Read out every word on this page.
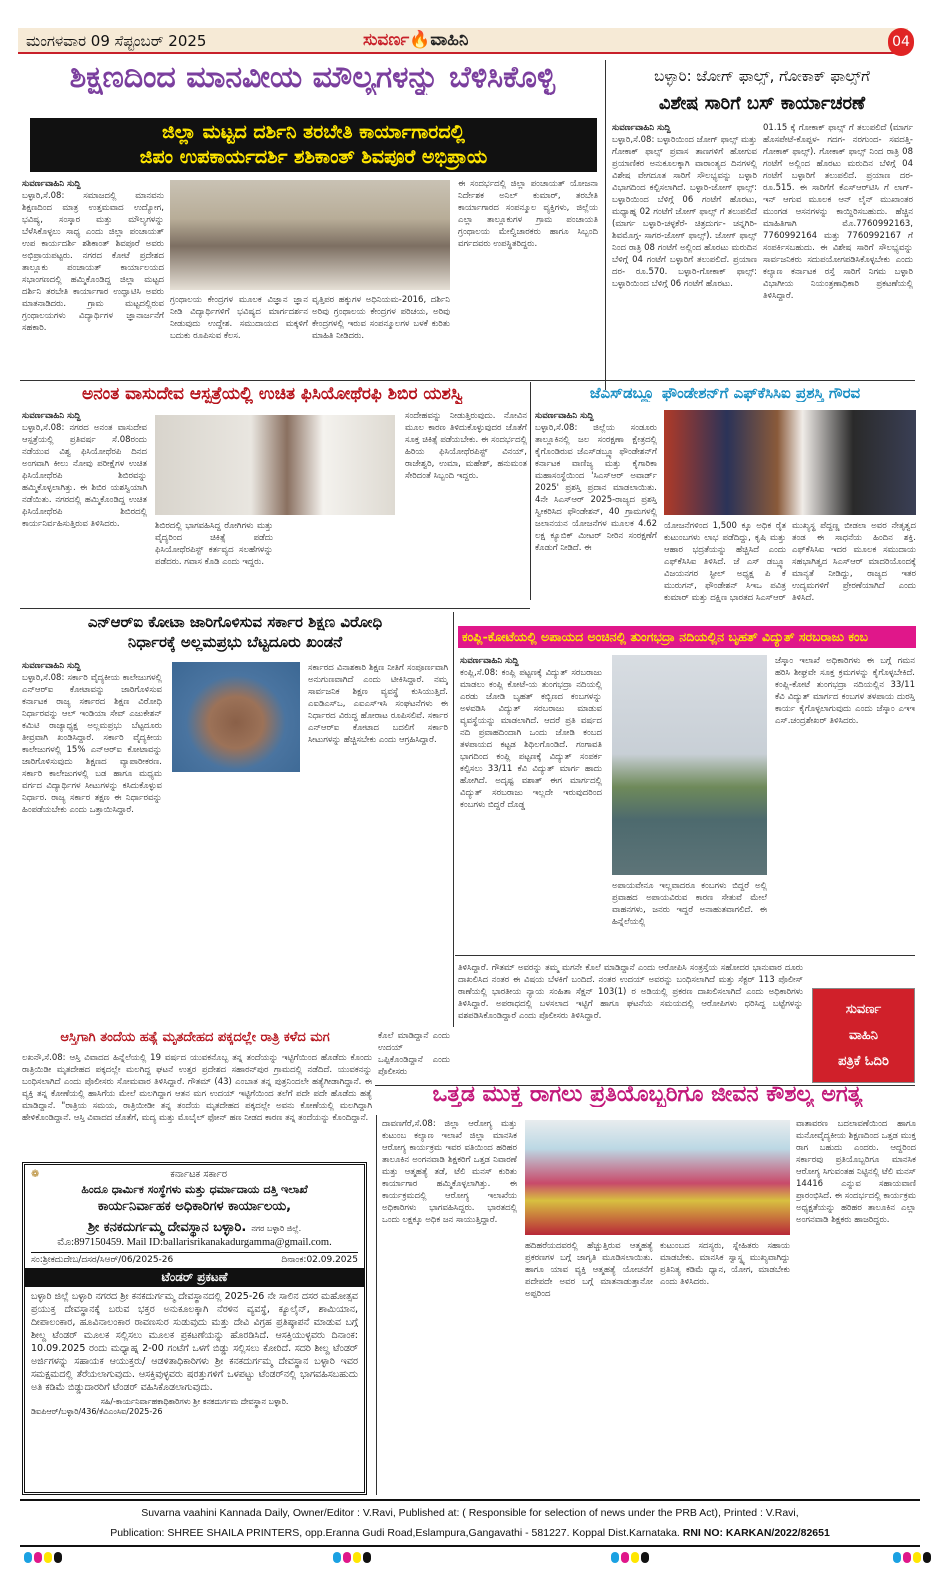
ಮಂಗಳವಾರ 09 ಸೆಪ್ಟಂಬರ್ 2025	ಸುವರ್ಣ🔥ವಾಹಿನಿ	04
ಶಿಕ್ಷಣದಿಂದ ಮಾನವೀಯ ಮೌಲ್ಯಗಳನ್ನು ಬೆಳಿಸಿಕೊಳ್ಳಿ
ಜಿಲ್ಲಾ ಮಟ್ಟದ ದರ್ಶಿನಿ ತರಬೇತಿ ಕಾರ್ಯಾಗಾರದಲ್ಲಿ
ಜಿಪಂ ಉಪಕಾರ್ಯದರ್ಶಿ ಶಶಿಕಾಂತ್ ಶಿವಪೂರೆ ಅಭಿಪ್ರಾಯ
ಸುವರ್ಣವಾಹಿನಿ ಸುದ್ದಿ
ಬಳ್ಳಾರಿ,ಸೆ.08: ಸಮಾಜದಲ್ಲಿ ಮಾನವನು ಶಿಕ್ಷಣದಿಂದ ಮಾತ್ರ ಉತ್ತಮವಾದ ಉದ್ಯೋಗ, ಭವಿಷ್ಯ, ಸಂಸ್ಕಾರ ಮತ್ತು ಮೌಲ್ಯಗಳನ್ನು ಬೆಳೆಸಿಕೊಳ್ಳಲು ಸಾಧ್ಯ ಎಂದು ಜಿಲ್ಲಾ ಪಂಚಾಯತ್ ಉಪ ಕಾರ್ಯದರ್ಶಿ ಶಶಿಕಾಂತ್ ಶಿವಪೂರೆ ಅವರು ಅಭಿಪ್ರಾಯಪಟ್ಟರು. ನಗರದ ಕೋಟೆ ಪ್ರದೇಶದ ತಾಲ್ಲೂಕು ಪಂಚಾಯತ್ ಕಾರ್ಯಾಲಯದ ಸಭಾಂಗಣದಲ್ಲಿ ಹಮ್ಮಿಕೊಂಡಿದ್ದ ಜಿಲ್ಲಾ ಮಟ್ಟದ ದರ್ಶಿನಿ ತರಬೇತಿ ಕಾರ್ಯಾಗಾರ ಉದ್ಘಾಟಿಸಿ ಅವರು ಮಾತನಾಡಿದರು. ಗ್ರಾಮ ಮಟ್ಟದಲ್ಲಿರುವ ಗ್ರಂಥಾಲಯಗಳು ವಿದ್ಯಾರ್ಥಿಗಳ ಜ್ಞಾನಾರ್ಜನೆಗೆ ಸಹಕಾರಿ.
ಗ್ರಂಥಾಲಯ ಕೇಂದ್ರಗಳ ಮೂಲಕ ವಿಜ್ಞಾನ ಜ್ಞಾನ ನೀಡಿ ವಿದ್ಯಾರ್ಥಿಗಳಿಗೆ ಭವಿಷ್ಯದ ಮಾರ್ಗದರ್ಶನ ನೀಡುವುದು ಉದ್ದೇಶ. ಸಮುದಾಯದ ಮಕ್ಕಳಿಗೆ ಬದುಕು ರೂಪಿಸುವ ಕೆಲಸ.
ವೃತ್ತಿಪರ ಹಕ್ಕುಗಳ ಅಧಿನಿಯಮ-2016, ದರ್ಶಿನಿ ಅರಿವು ಗ್ರಂಥಾಲಯ ಕೇಂದ್ರಗಳ ಪರಿಚಯ, ಅರಿವು ಕೇಂದ್ರಗಳಲ್ಲಿ ಇರುವ ಸಂಪನ್ಮೂಲಗಳ ಬಳಕೆ ಕುರಿತು ಮಾಹಿತಿ ನೀಡಿದರು.
ಈ ಸಂದರ್ಭದಲ್ಲಿ ಜಿಲ್ಲಾ ಪಂಚಾಯತ್ ಯೋಜನಾ ನಿರ್ದೇಶಕ ಅನಿಲ್ ಕುಮಾರ್, ತರಬೇತಿ ಕಾರ್ಯಾಗಾರದ ಸಂಪನ್ಮೂಲ ವ್ಯಕ್ತಿಗಳು, ಜಿಲ್ಲೆಯ ಎಲ್ಲಾ ತಾಲ್ಲೂಕುಗಳ ಗ್ರಾಮ ಪಂಚಾಯತಿ ಗ್ರಂಥಾಲಯ ಮೇಲ್ವಿಚಾರಕರು ಹಾಗೂ ಸಿಬ್ಬಂದಿ ವರ್ಗದವರು ಉಪಸ್ಥಿತರಿದ್ದರು.
ಬಳ್ಳಾರಿ: ಜೋಗ್ ಫಾಲ್ಸ್, ಗೋಕಾಕ್ ಫಾಲ್ಸ್‌ಗೆ
ವಿಶೇಷ ಸಾರಿಗೆ ಬಸ್ ಕಾರ್ಯಾಚರಣೆ
ಸುವರ್ಣವಾಹಿನಿ ಸುದ್ದಿ
ಬಳ್ಳಾರಿ,ಸೆ.08: ಬಳ್ಳಾರಿಯಿಂದ ಜೋಗ್ ಫಾಲ್ಸ್ ಮತ್ತು ಗೋಕಾಕ್ ಫಾಲ್ಸ್ ಪ್ರವಾಸ ತಾಣಗಳಿಗೆ ಹೋಗುವ ಪ್ರಯಾಣಿಕರ ಅನುಕೂಲಕ್ಕಾಗಿ ವಾರಾಂತ್ಯದ ದಿನಗಳಲ್ಲಿ ವಿಶೇಷ ವೇಗದೂತ ಸಾರಿಗೆ ಸೌಲಭ್ಯವನ್ನು ಬಳ್ಳಾರಿ ವಿಭಾಗದಿಂದ ಕಲ್ಪಿಸಲಾಗಿದೆ. ಬಳ್ಳಾರಿ-ಜೋಗ್ ಫಾಲ್ಸ್: ಬಳ್ಳಾರಿಯಿಂದ ಬೆಳಿಗ್ಗೆ 06 ಗಂಟೆಗೆ ಹೊರಟು, ಮಧ್ಯಾಹ್ನ 02 ಗಂಟೆಗೆ ಜೋಗ್ ಫಾಲ್ಸ್ ಗೆ ತಲುಪಲಿದೆ (ಮಾರ್ಗ ಬಳ್ಳಾರಿ-ಚಳ್ಳಕೆರೆ- ಚಿತ್ರದುರ್ಗ- ಚನ್ನಗಿರಿ- ಶಿವಮೊಗ್ಗ- ಸಾಗರ-ಜೋಗ್ ಫಾಲ್ಸ್). ಜೋಗ್ ಫಾಲ್ಸ್ ನಿಂದ ರಾತ್ರಿ 08 ಗಂಟೆಗೆ ಅಲ್ಲಿಂದ ಹೊರಟು ಮರುದಿನ ಬೆಳಿಗ್ಗೆ 04 ಗಂಟೆಗೆ ಬಳ್ಳಾರಿಗೆ ತಲುಪಲಿದೆ. ಪ್ರಯಾಣ ದರ- ರೂ.570. ಬಳ್ಳಾರಿ-ಗೋಕಾಕ್ ಫಾಲ್ಸ್: ಬಳ್ಳಾರಿಯಿಂದ ಬೆಳಿಗ್ಗೆ 06 ಗಂಟೆಗೆ ಹೊರಟು.
01.15 ಕ್ಕೆ ಗೋಕಾಕ್ ಫಾಲ್ಸ್ ಗೆ ತಲುಪಲಿದೆ (ಮಾರ್ಗ ಹೊಸಪೇಟೆ-ಕೊಪ್ಪಳ- ಗದಗ- ನರಗುಂದ- ಸವದತ್ತಿ- ಗೋಕಾಕ್ ಫಾಲ್ಸ್). ಗೋಕಾಕ್ ಫಾಲ್ಸ್ ನಿಂದ ರಾತ್ರಿ 08 ಗಂಟೆಗೆ ಅಲ್ಲಿಂದ ಹೊರಟು ಮರುದಿನ ಬೆಳಿಗ್ಗೆ 04 ಗಂಟೆಗೆ ಬಳ್ಳಾರಿಗೆ ತಲುಪಲಿದೆ. ಪ್ರಯಾಣ ದರ- ರೂ.515. ಈ ಸಾರಿಗೆಗೆ ಕೆಎಸ್‌ಆರ್‌ಟಿಸಿ ಗೆ ಲಾಗ್-ಇನ್ ಆಗುವ ಮೂಲಕ ಆನ್ ಲೈನ್ ಮುಖಾಂತರ ಮುಂಗಡ ಆಸನಗಳನ್ನು ಕಾಯ್ದಿರಿಸಬಹುದು. ಹೆಚ್ಚಿನ ಮಾಹಿತಿಗಾಗಿ ಮೊ.7760992163, 7760992164 ಮತ್ತು 7760992167 ಗೆ ಸಂಪರ್ಕಿಸಬಹುದು. ಈ ವಿಶೇಷ ಸಾರಿಗೆ ಸೌಲಭ್ಯವನ್ನು ಸಾರ್ವಜನಿಕರು ಸದುಪಯೋಗಪಡಿಸಿಕೊಳ್ಳಬೇಕು ಎಂದು ಕಲ್ಯಾಣ ಕರ್ನಾಟಕ ರಸ್ತೆ ಸಾರಿಗೆ ನಿಗಮ ಬಳ್ಳಾರಿ ವಿಭಾಗೀಯ ನಿಯಂತ್ರಣಾಧಿಕಾರಿ ಪ್ರಕಟಣೆಯಲ್ಲಿ ತಿಳಿಸಿದ್ದಾರೆ.
ಅನಂತ ವಾಸುದೇವ ಆಸ್ಪತ್ರೆಯಲ್ಲಿ ಉಚಿತ ಫಿಸಿಯೋಥೆರಫಿ ಶಿಬಿರ ಯಶಸ್ವಿ
ಸುವರ್ಣವಾಹಿನಿ ಸುದ್ದಿ
ಬಳ್ಳಾರಿ,ಸೆ.08: ನಗರದ ಅನಂತ ವಾಸುದೇವ ಆಸ್ಪತ್ರೆಯಲ್ಲಿ ಪ್ರತಿವರ್ಷ ಸೆ.08ರಂದು ನಡೆಯುವ ವಿಶ್ವ ಫಿಸಿಯೋಥೆರಪಿ ದಿನದ ಅಂಗವಾಗಿ ಕೀಲು ನೋವು ಪರೀಕ್ಷೆಗಳ ಉಚಿತ ಫಿಸಿಯೋಥೆರಪಿ ಶಿಬಿರವನ್ನು ಹಮ್ಮಿಕೊಳ್ಳಲಾಗಿತ್ತು. ಈ ಶಿಬಿರ ಯಶಸ್ವಿಯಾಗಿ ನಡೆಯಿತು. ನಗರದಲ್ಲಿ ಹಮ್ಮಿಕೊಂಡಿದ್ದ ಉಚಿತ ಫಿಸಿಯೋಥೆರಪಿ ಶಿಬಿರದಲ್ಲಿ ಕಾರ್ಯನಿರ್ವಹಿಸುತ್ತಿರುವ ತಿಳಿಸಿದರು.	ಶಿಬಿರದಲ್ಲಿ ಭಾಗವಹಿಸಿದ್ದ ರೋಗಿಗಳು ಮತ್ತು ವೈದ್ಯರಿಂದ ಚಿಕಿತ್ಸೆ ಪಡೆದು ಫಿಸಿಯೋಥೆರಪಿಸ್ಟ್ ಕರ್ತವ್ಯದ ಸಲಹೆಗಳನ್ನು ಪಡೆದರು. ಗವಾಸ ಕೊಡಿ ಎಂದು ಇದ್ದರು.
ಸಂದೇಹವನ್ನು ನೀಡುತ್ತಿರುವುದು. ನೋವಿನ ಮೂಲ ಕಾರಣ ತಿಳಿದುಕೊಳ್ಳುವುದರ ಜೊತೆಗೆ ಸೂಕ್ತ ಚಿಕಿತ್ಸೆ ಪಡೆಯಬೇಕು. ಈ ಸಂದರ್ಭದಲ್ಲಿ ಹಿರಿಯ ಫಿಸಿಯೋಥೆರಪಿಸ್ಟ್ ವಿನಯ್, ರಾಜೇಶ್ವರಿ, ಉಮಾ, ಮಹೇಶ್, ಹನುಮಂತ ಸೇರಿದಂತೆ ಸಿಬ್ಬಂದಿ ಇದ್ದರು.
ಜೆಎಸ್‌ಡಬ್ಲ್ಯೂ ಫೌಂಡೇಶನ್‌ಗೆ ಎಫ್‌ಕೆಸಿಸಿಐ ಪ್ರಶಸ್ತಿ ಗೌರವ
ಸುವರ್ಣವಾಹಿನಿ ಸುದ್ದಿ
ಬಳ್ಳಾರಿ,ಸೆ.08: ಜಿಲ್ಲೆಯ ಸಂಡೂರು ತಾಲ್ಲೂಕಿನಲ್ಲಿ ಜಲ ಸಂರಕ್ಷಣಾ ಕ್ಷೇತ್ರದಲ್ಲಿ ಕೈಗೊಂಡಿರುವ ಜೆಎಸ್‌ಡಬ್ಲ್ಯೂ ಫೌಂಡೇಶನ್‌ಗೆ ಕರ್ನಾಟಕ ವಾಣಿಜ್ಯ ಮತ್ತು ಕೈಗಾರಿಕಾ ಮಹಾಸಂಸ್ಥೆಯಿಂದ 'ಸಿಎಸ್‌ಆರ್ ಅವಾರ್ಡ್ 2025' ಪ್ರಶಸ್ತಿ ಪ್ರದಾನ ಮಾಡಲಾಯಿತು. 4ನೇ ಸಿಎಸ್‌ಆರ್ 2025-ರಾಜ್ಯದ ಪ್ರಶಸ್ತಿ ಸ್ವೀಕರಿಸಿದ ಫೌಂಡೇಶನ್, 40 ಗ್ರಾಮಗಳಲ್ಲಿ ಜಲಾನಯನ ಯೋಜನೆಗಳ ಮೂಲಕ 4.62 ಲಕ್ಷ ಕ್ಯೂಬಿಕ್ ಮೀಟರ್ ನೀರಿನ ಸಂರಕ್ಷಣೆಗೆ ಕೊಡುಗೆ ನೀಡಿದೆ. ಈ
ಯೋಜನೆಗಳಿಂದ 1,500 ಕ್ಕೂ ಅಧಿಕ ರೈತ ಕುಟುಂಬಗಳು ಲಾಭ ಪಡೆದಿದ್ದು, ಕೃಷಿ ಮತ್ತು ಆಹಾರ ಭದ್ರತೆಯನ್ನು ಹೆಚ್ಚಿಸಿದೆ ಎಂದು ಎಫ್‌ಕೆಸಿಸಿಐ ತಿಳಿಸಿದೆ. ಜೆ ಎಸ್ ಡಬ್ಲ್ಯೂ ವಿಜಯನಗರ ಸ್ಟೀಲ್ ಅಧ್ಯಕ್ಷ ಪಿ ಕೆ ಮುರುಗನ್, ಫೌಂಡೇಶನ್ ಸಿಇಒ ಪವಿತ್ರ ಕುಮಾರ್ ಮತ್ತು ದಕ್ಷಿಣ ಭಾರತದ ಸಿಎಸ್‌ಆರ್
ಮುಖ್ಯಸ್ಥ ಪೆದ್ದಣ್ಣ ಬೀಡಲಾ ಅವರ ನೇತೃತ್ವದ ತಂಡ ಈ ಸಾಧನೆಯ ಹಿಂದಿನ ಶಕ್ತಿ. ಎಫ್‌ಕೆಸಿಸಿಐ ಇದರ ಮೂಲಕ ಸಮುದಾಯ ಸಹಭಾಗಿತ್ವದ ಸಿಎಸ್‌ಆರ್ ಮಾದರಿಯೊಂದಕ್ಕೆ ಮಾನ್ಯತೆ ನೀಡಿದ್ದು, ರಾಜ್ಯದ ಇತರ ಉದ್ಯಮಗಳಿಗೆ ಪ್ರೇರಣೆಯಾಗಿದೆ ಎಂದು ತಿಳಿಸಿದೆ.
ಎನ್‌ಆರ್‌ಐ ಕೋಟಾ ಜಾರಿಗೊಳಿಸುವ ಸರ್ಕಾರ ಶಿಕ್ಷಣ ವಿರೋಧಿ
ನಿರ್ಧಾರಕ್ಕೆ ಅಲ್ಲಮಪ್ರಭು ಬೆಟ್ಟದೂರು ಖಂಡನೆ
ಸುವರ್ಣವಾಹಿನಿ ಸುದ್ದಿ
ಬಳ್ಳಾರಿ,ಸೆ.08: ಸರ್ಕಾರಿ ವೈದ್ಯಕೀಯ ಕಾಲೇಜುಗಳಲ್ಲಿ ಎನ್‌ಆರ್‌ಐ ಕೋಟಾವನ್ನು ಜಾರಿಗೊಳಿಸುವ ಕರ್ನಾಟಕ ರಾಜ್ಯ ಸರ್ಕಾರದ ಶಿಕ್ಷಣ ವಿರೋಧಿ ನಿರ್ಧಾರವನ್ನು ಆಲ್ ಇಂಡಿಯಾ ಸೇವ್ ಎಜುಕೇಶನ್ ಕಮಿಟಿ ರಾಜ್ಯಾಧ್ಯಕ್ಷ ಅಲ್ಲಮಪ್ರಭು ಬೆಟ್ಟದೂರು ತೀವ್ರವಾಗಿ ಖಂಡಿಸಿದ್ದಾರೆ. ಸರ್ಕಾರಿ ವೈದ್ಯಕೀಯ ಕಾಲೇಜುಗಳಲ್ಲಿ 15% ಎನ್‌ಆರ್‌ಐ ಕೋಟಾವನ್ನು ಜಾರಿಗೊಳಿಸುವುದು ಶಿಕ್ಷಣದ ವ್ಯಾಪಾರೀಕರಣ. ಸರ್ಕಾರಿ ಕಾಲೇಜುಗಳಲ್ಲಿ ಬಡ ಹಾಗೂ ಮಧ್ಯಮ ವರ್ಗದ ವಿದ್ಯಾರ್ಥಿಗಳ ಸೀಟುಗಳನ್ನು ಕಸಿದುಕೊಳ್ಳುವ ನಿರ್ಧಾರ. ರಾಜ್ಯ ಸರ್ಕಾರ ತಕ್ಷಣ ಈ ನಿರ್ಧಾರವನ್ನು ಹಿಂಪಡೆಯಬೇಕು ಎಂದು ಒತ್ತಾಯಿಸಿದ್ದಾರೆ.
ಸರ್ಕಾರದ ವಿನಾಶಕಾರಿ ಶಿಕ್ಷಣ ನೀತಿಗೆ ಸಂಪೂರ್ಣವಾಗಿ ಅನುಗುಣವಾಗಿದೆ ಎಂದು ಟೀಕಿಸಿದ್ದಾರೆ. ನಮ್ಮ ಸಾರ್ವಜನಿಕ ಶಿಕ್ಷಣ ವ್ಯವಸ್ಥೆ ಕುಸಿಯುತ್ತಿದೆ. ಎಐಡಿಎಸ್‌ಒ, ಎಐಎಸ್‌ಇಸಿ ಸಂಘಟನೆಗಳು ಈ ನಿರ್ಧಾರದ ವಿರುದ್ಧ ಹೋರಾಟ ರೂಪಿಸಲಿವೆ. ಸರ್ಕಾರ ಎನ್‌ಆರ್‌ಐ ಕೋಟಾದ ಬದಲಿಗೆ ಸರ್ಕಾರಿ ಸೀಟುಗಳನ್ನು ಹೆಚ್ಚಿಸಬೇಕು ಎಂದು ಆಗ್ರಹಿಸಿದ್ದಾರೆ.
ಕಂಪ್ಲಿ-ಕೋಟೆಯಲ್ಲಿ ಅಪಾಯದ ಅಂಚಿನಲ್ಲಿ ತುಂಗಭದ್ರಾ ನದಿಯಲ್ಲಿನ ಬೃಹತ್ ವಿದ್ಯುತ್ ಸರಬರಾಜು ಕಂಬ
ಸುವರ್ಣವಾಹಿನಿ ಸುದ್ದಿ
ಕಂಪ್ಲಿ,ಸೆ.08: ಕಂಪ್ಲಿ ಪಟ್ಟಣಕ್ಕೆ ವಿದ್ಯುತ್ ಸರಬರಾಜು ಮಾಡಲು ಕಂಪ್ಲಿ ಕೋಟೆ-ಯ ತುಂಗಭದ್ರಾ ನದಿಯಲ್ಲಿ ಎರಡು ಜೋಡಿ ಬೃಹತ್ ಕಬ್ಬಿಣದ ಕಂಬಗಳನ್ನು ಅಳವಡಿಸಿ ವಿದ್ಯುತ್ ಸರಬರಾಜು ಮಾಡುವ ವ್ಯವಸ್ಥೆಯನ್ನು ಮಾಡಲಾಗಿದೆ. ಆದರೆ ಪ್ರತಿ ವರ್ಷದ ನದಿ ಪ್ರವಾಹದಿಂದಾಗಿ ಒಂದು ಜೋಡಿ ಕಂಬದ ತಳಪಾಯದ ಕಟ್ಟಡ ಶಿಥಿಲಗೊಂಡಿದೆ. ಗಂಗಾವತಿ ಭಾಗದಿಂದ ಕಂಪ್ಲಿ ಪಟ್ಟಣಕ್ಕೆ ವಿದ್ಯುತ್ ಸಂಪರ್ಕ ಕಲ್ಪಿಸಲು 33/11 ಕೆವಿ ವಿದ್ಯುತ್ ಮಾರ್ಗ ಹಾದು ಹೋಗಿದೆ. ಅದೃಷ್ಟ ವಶಾತ್ ಈಗ ಮಾರ್ಗದಲ್ಲಿ ವಿದ್ಯುತ್ ಸರಬರಾಜು ಇಲ್ಲದೇ ಇರುವುದರಿಂದ ಕಂಬಗಳು ಬಿದ್ದರೆ ದೊಡ್ಡ
ಅಪಾಯವೇನೂ ಇಲ್ಲವಾದರೂ ಕಂಬಗಳು ಬಿದ್ದರೆ ಅಲ್ಲಿ ಪ್ರವಾಹದ ಅಪಾಯವಿರುವ ಕಾರಣ ಸೇತುವೆ ಮೇಲೆ ವಾಹನಗಳು, ಜನರು ಇದ್ದರೆ ಅನಾಹುತವಾಗಲಿದೆ. ಈ ಹಿನ್ನೆಲೆಯಲ್ಲಿ
ಜೆಸ್ಕಾಂ ಇಲಾಖೆ ಅಧಿಕಾರಿಗಳು ಈ ಬಗ್ಗೆ ಗಮನ ಹರಿಸಿ ಶೀಘ್ರವೇ ಸೂಕ್ತ ಕ್ರಮಗಳನ್ನು ಕೈಗೊಳ್ಳಬೇಕಿದೆ. ಕಂಪ್ಲಿ-ಕೋಟೆ ತುಂಗಭದ್ರಾ ನದಿಯಲ್ಲಿನ 33/11 ಕೆವಿ ವಿದ್ಯುತ್ ಮಾರ್ಗದ ಕಂಬಗಳ ತಳಪಾಯ ದುರಸ್ತಿ ಕಾರ್ಯ ಕೈಗೊಳ್ಳಲಾಗುವುದು ಎಂದು ಜೆಸ್ಕಾಂ ಎಇಇ ಎಸ್.ಚಂದ್ರಶೇಖರ್ ತಿಳಿಸಿದರು.
ಆಸ್ತಿಗಾಗಿ ತಂದೆಯ ಹತ್ಯೆ ಮೃತದೇಹದ ಪಕ್ಕದಲ್ಲೇ ರಾತ್ರಿ ಕಳೆದ ಮಗ
ಲಖನೌ,ಸೆ.08: ಆಸ್ತಿ ವಿವಾದದ ಹಿನ್ನೆಲೆಯಲ್ಲಿ 19 ವರ್ಷದ ಯುವಕನೊಬ್ಬ ತನ್ನ ತಂದೆಯನ್ನು ಇಟ್ಟಿಗೆಯಿಂದ ಹೊಡೆದು ಕೊಂದು ರಾತ್ರಿಯಿಡೀ ಮೃತದೇಹದ ಪಕ್ಕದಲ್ಲೇ ಮಲಗಿದ್ದ ಘಟನೆ ಉತ್ತರ ಪ್ರದೇಶದ ಸಹಾರನ್‌ಪುರ ಗ್ರಾಮದಲ್ಲಿ ನಡೆದಿದೆ. ಯುವಕನನ್ನು ಬಂಧಿಸಲಾಗಿದೆ ಎಂದು ಪೊಲೀಸರು ಸೋಮವಾರ ತಿಳಿಸಿದ್ದಾರೆ. ಗೌತಮ್ (43) ಎಂಬಾತ ತನ್ನ ಪುತ್ರನಿಂದಲೇ ಹತ್ಯೆಗೀಡಾಗಿದ್ದಾನೆ. ಈ ವ್ಯಕ್ತಿ ತನ್ನ ಕೋಣೆಯಲ್ಲಿ ಹಾಸಿಗೆಯ ಮೇಲೆ ಮಲಗಿದ್ದಾಗ ಆತನ ಮಗ ಉದಯ್ ಇಟ್ಟಿಗೆಯಿಂದ ತಲೆಗೆ ಪದೇ ಪದೇ ಹೊಡೆದು ಹತ್ಯೆ ಮಾಡಿದ್ದಾನೆ. "ರಾತ್ರಿಯ ಸಮಯ, ರಾತ್ರಿಯೀಡೀ ತನ್ನ ತಂದೆಯ ಮೃತದೇಹದ ಪಕ್ಕದಲ್ಲೇ ಅವನು ಕೋಣೆಯಲ್ಲಿ ಮಲಗಿದ್ದಾಗಿ ಹೇಳಿಕೊಂಡಿದ್ದಾನೆ. ಆಸ್ತಿ ವಿವಾದದ ಜೊತೆಗೆ, ಮದ್ಯ ಮತ್ತು ಮೊಬೈಲ್ ಫೋನ್ ಹಣ ನೀಡದ ಕಾರಣ ತನ್ನ ತಂದೆಯನ್ನು ಕೊಂದಿದ್ದಾನೆ.
ಕೊಲೆ ಮಾಡಿದ್ದಾನೆ ಎಂದು ಉದಯ್ ಒಪ್ಪಿಕೊಂಡಿದ್ದಾನೆ ಎಂದು ಪೊಲೀಸರು
ತಿಳಿಸಿದ್ದಾರೆ. ಗೌತಮ್ ಅವರನ್ನು ತಮ್ಮ ಮಗನೇ ಕೊಲೆ ಮಾಡಿದ್ದಾನೆ ಎಂದು ಆರೋಪಿಸಿ ಸಂತ್ರಸ್ತೆಯ ಸಹೋದರ ಭಾನುವಾರ ದೂರು ದಾಖಲಿಸಿದ ನಂತರ ಈ ವಿಷಯ ಬೆಳಕಿಗೆ ಬಂದಿದೆ. ನಂತರ ಉದಯ್ ಅವರನ್ನು ಬಂಧಿಸಲಾಗಿದೆ ಮತ್ತು ಸೆಕ್ಟರ್ 113 ಪೊಲೀಸ್ ಠಾಣೆಯಲ್ಲಿ ಭಾರತೀಯ ನ್ಯಾಯ ಸಂಹಿತಾ ಸೆಕ್ಷನ್ 103(1) ರ ಅಡಿಯಲ್ಲಿ ಪ್ರಕರಣ ದಾಖಲಿಸಲಾಗಿದೆ ಎಂದು ಅಧಿಕಾರಿಗಳು ತಿಳಿಸಿದ್ದಾರೆ. ಅಪರಾಧದಲ್ಲಿ ಬಳಸಲಾದ ಇಟ್ಟಿಗೆ ಹಾಗೂ ಘಟನೆಯ ಸಮಯದಲ್ಲಿ ಆರೋಪಿಗಳು ಧರಿಸಿದ್ದ ಬಟ್ಟೆಗಳನ್ನು ವಶಪಡಿಸಿಕೊಂಡಿದ್ದಾರೆ ಎಂದು ಪೊಲೀಸರು ತಿಳಿಸಿದ್ದಾರೆ.	ಸುವರ್ಣ
ವಾಹಿನಿ
ಪತ್ರಿಕೆ ಓದಿರಿ
ಒತ್ತಡ ಮುಕ್ತ ರಾಗಲು ಪ್ರತಿಯೊಬ್ಬರಿಗೂ ಜೀವನ ಕೌಶಲ್ಯ ಅಗತ್ಯ
ದಾವಣಗೆರೆ,ಸೆ.08: ಜಿಲ್ಲಾ ಆರೋಗ್ಯ ಮತ್ತು ಕುಟುಂಬ ಕಲ್ಯಾಣ ಇಲಾಖೆ ಜಿಲ್ಲಾ ಮಾನಸಿಕ ಆರೋಗ್ಯ ಕಾರ್ಯಕ್ರಮ ಇವರ ವತಿಯಿಂದ ಹರಿಹರ ತಾಲೂಕಿನ ಅಂಗನವಾಡಿ ಶಿಕ್ಷಕರಿಗೆ ಒತ್ತಡ ನಿವಾರಣೆ ಮತ್ತು ಆತ್ಮಹತ್ಯೆ ತಡೆ, ಟೆಲಿ ಮನಸ್ ಕುರಿತು ಕಾರ್ಯಾಗಾರ ಹಮ್ಮಿಕೊಳ್ಳಲಾಗಿತ್ತು. ಈ ಕಾರ್ಯಕ್ರಮದಲ್ಲಿ ಆರೋಗ್ಯ ಇಲಾಖೆಯ ಅಧಿಕಾರಿಗಳು ಭಾಗವಹಿಸಿದ್ದರು. ಭಾರತದಲ್ಲಿ ಒಂದು ಲಕ್ಷಕ್ಕೂ ಅಧಿಕ ಜನ ಸಾಯುತ್ತಿದ್ದಾರೆ.
ಹದಿಹರೆಯದವರಲ್ಲಿ ಹೆಚ್ಚುತ್ತಿರುವ ಆತ್ಮಹತ್ಯೆ ಪ್ರಕರಣಗಳ ಬಗ್ಗೆ ಜಾಗೃತಿ ಮೂಡಿಸಲಾಯಿತು. ಹಾಗೂ ಯಾವ ವ್ಯಕ್ತಿ ಆತ್ಮಹತ್ಯೆ ಯೋಚನೆಗೆ ಪದೇಪದೇ ಅವರ ಬಗ್ಗೆ ಮಾತನಾಡುತ್ತಾನೋ ಅಪ್ಪರಿಂದ
ಕುಟುಂಬದ ಸದಸ್ಯರು, ಸ್ನೇಹಿತರು ಸಹಾಯ ಮಾಡಬೇಕು. ಮಾನಸಿಕ ಸ್ವಾಸ್ಥ್ಯ ಮುಖ್ಯವಾಗಿದ್ದು ಪ್ರತಿನಿತ್ಯ ಕಡಿಮೆ ಧ್ಯಾನ, ಯೋಗ, ಮಾಡಬೇಕು ಎಂದು ತಿಳಿಸಿದರು.
ವಾತಾವರಣ ಬದಲಾವಣೆಯಿಂದ ಹಾಗೂ ಮನೋವೈದ್ಯಕೀಯ ಶಿಕ್ಷಣದಿಂದ ಒತ್ತಡ ಮುಕ್ತ ರಾಗ ಬಹುದು ಎಂದರು. ಆದ್ದರಿಂದ ಸರ್ಕಾರವು ಪ್ರತಿಯೊಬ್ಬರಿಗೂ ಮಾನಸಿಕ ಆರೋಗ್ಯ ಸಿಗುವಂತಹ ನಿಟ್ಟಿನಲ್ಲಿ ಟೆಲಿ ಮನಸ್ 14416 ಎನ್ನುವ ಸಹಾಯವಾಣಿ ಪ್ರಾರಂಭಿಸಿದೆ. ಈ ಸಂದರ್ಭದಲ್ಲಿ ಕಾರ್ಯಕ್ರಮ ಅಧ್ಯಕ್ಷತೆಯನ್ನು ಹರಿಹರ ತಾಲೂಕಿನ ಎಲ್ಲಾ ಅಂಗನವಾಡಿ ಶಿಕ್ಷಕರು ಹಾಜರಿದ್ದರು.
❁	ಕರ್ನಾಟಕ ಸರ್ಕಾರ
ಹಿಂದೂ ಧಾರ್ಮಿಕ ಸಂಸ್ಥೆಗಳು ಮತ್ತು ಧರ್ಮಾದಾಯ ದತ್ತಿ ಇಲಾಖೆ
ಕಾರ್ಯನಿರ್ವಾಹಕ ಅಧಿಕಾರಿಗಳ ಕಾರ್ಯಾಲಯ,
ಶ್ರೀ ಕನಕದುರ್ಗಮ್ಮ ದೇವಸ್ಥಾನ ಬಳ್ಳಾರಿ. ನಗರ ಬಳ್ಳಾರಿ ಜಿಲ್ಲೆ.
ಮೊ:897150459. Mail ID:ballarisrikanakadurgamma@gmail.com.
ಸಂ:ಶ್ರೀಕದುದೇಬ/ದಸರ/ಸಿಆರ್/06/2025-26	ದಿನಾಂಕ:02.09.2025
ಟೆಂಡರ್ ಪ್ರಕಟಣೆ
ಬಳ್ಳಾರಿ ಜಿಲ್ಲೆ ಬಳ್ಳಾರಿ ನಗರದ ಶ್ರೀ ಕನಕದುರ್ಗಮ್ಮ ದೇವಸ್ಥಾನದಲ್ಲಿ 2025-26 ನೇ ಸಾಲಿನ ದಸರ ಮಹೋತ್ಸವ ಪ್ರಯುಕ್ತ ದೇವಸ್ಥಾನಕ್ಕೆ ಬರುವ ಭಕ್ತರ ಅನುಕೂಲಕ್ಕಾಗಿ ನೆರಳಿನ ವ್ಯವಸ್ಥೆ, ಕ್ಯೂಲೈನ್, ಶಾಮಿಯಾನ, ದೀಪಾಲಂಕಾರ, ಹೂವಿನಾಲಂಕಾರ ರಾವಣಸುರ ಸುಡುವುದು ಮತ್ತು ದೇವಿ ವಿಗ್ರಹ ಪ್ರತಿಷ್ಠಾಪನೆ ಮಾಡುವ ಬಗ್ಗೆ ಶೀಲ್ದ ಟೆಂಡರ್ ಮೂಲಕ ಸಲ್ಲಿಸಲು ಮೂಲಕ ಪ್ರಕಟಣೆಯನ್ನು ಹೊರಡಿಸಿದೆ. ಆಸಕ್ತಿಯುಳ್ಳವರು ದಿನಾಂಕ: 10.09.2025 ರಂದು ಮಧ್ಯಾಹ್ನ 2-00 ಗಂಟೆಗೆ ಒಳಗೆ ಬಿಡ್ಡು ಸಲ್ಲಿಸಲು ಕೋರಿದೆ. ಸದರಿ ಶೀಲ್ದ ಟೆಂಡರ್ ಅರ್ಜಿಗಳನ್ನು ಸಹಾಯಕ ಆಯುಕ್ತರು/ ಆಡಳಿತಾಧಿಕಾರಿಗಳು ಶ್ರೀ ಕನಕದುರ್ಗಮ್ಮ ದೇವಸ್ಥಾನ ಬಳ್ಳಾರಿ ಇವರ ಸಮಕ್ಷಮದಲ್ಲಿ ತೆರೆಯಲಾಗುವುದು. ಆಸಕ್ತಿವುಳ್ಳವರು ಷರತ್ತುಗಳಿಗೆ ಒಳಪಟ್ಟು ಟೆಂಡರ್‌ನಲ್ಲಿ ಭಾಗವಹಿಸಬಹುದು ಅತಿ ಕಡಿಮೆ ಬಿಡ್ಡುದಾರರಿಗೆ ಟೆಂಡರ್ ವಹಿಸಿಕೊಡಲಾಗುವುದು.
ಸಹಿ/-ಕಾರ್ಯನಿರ್ವಾಹಕಾಧಿಕಾರಿಗಳು ಶ್ರೀ ಕನಕದುರ್ಗಮ ದೇವಸ್ಥಾನ ಬಳ್ಳಾರಿ.
ಡಿಐಪಿಆರ್/ಬಳ್ಳಾರಿ/436/ಕೆವಿಎಂಸಿಐ/2025-26
Suvarna vaahini Kannada Daily, Owner/Editor : V.Ravi, Published at: ( Responsible for selection of news under the PRB Act), Printed : V.Ravi,
Publication: SHREE SHAILA PRINTERS, opp.Eranna Gudi Road,Eslampura,Gangavathi - 581227. Koppal Dist.Karnataka. RNI NO: KARKAN/2022/82651
